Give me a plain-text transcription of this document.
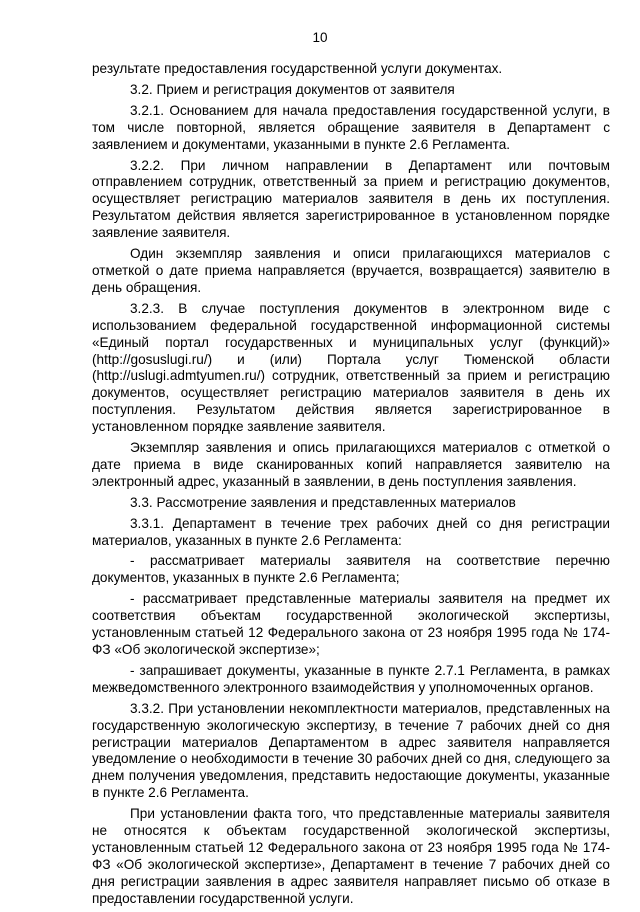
10

результате предоставления государственной услуги документах.

3.2. Прием и регистрация документов от заявителя

3.2.1. Основанием для начала предоставления государственной услуги, в том числе повторной, является обращение заявителя в Департамент с заявлением и документами, указанными в пункте 2.6 Регламента.

3.2.2. При личном направлении в Департамент или почтовым отправлением сотрудник, ответственный за прием и регистрацию документов, осуществляет регистрацию материалов заявителя в день их поступления. Результатом действия является зарегистрированное в установленном порядке заявление заявителя.

Один экземпляр заявления и описи прилагающихся материалов с отметкой о дате приема направляется (вручается, возвращается) заявителю в день обращения.

3.2.3. В случае поступления документов в электронном виде с использованием федеральной государственной информационной системы «Единый портал государственных и муниципальных услуг (функций)» (http://gosuslugi.ru/) и (или) Портала услуг Тюменской области (http://uslugi.admtyumen.ru/) сотрудник, ответственный за прием и регистрацию документов, осуществляет регистрацию материалов заявителя в день их поступления. Результатом действия является зарегистрированное в установленном порядке заявление заявителя.

Экземпляр заявления и опись прилагающихся материалов с отметкой о дате приема в виде сканированных копий направляется заявителю на электронный адрес, указанный в заявлении, в день поступления заявления.

3.3. Рассмотрение заявления и представленных материалов

3.3.1. Департамент в течение трех рабочих дней со дня регистрации материалов, указанных в пункте 2.6 Регламента:

- рассматривает материалы заявителя на соответствие перечню документов, указанных в пункте 2.6 Регламента;

- рассматривает представленные материалы заявителя на предмет их соответствия объектам государственной экологической экспертизы, установленным статьей 12 Федерального закона от 23 ноября 1995 года № 174-ФЗ «Об экологической экспертизе»;

- запрашивает документы, указанные в пункте 2.7.1 Регламента, в рамках межведомственного электронного взаимодействия у уполномоченных органов.

3.3.2. При установлении некомплектности материалов, представленных на государственную экологическую экспертизу, в течение 7 рабочих дней со дня регистрации материалов Департаментом в адрес заявителя направляется уведомление о необходимости в течение 30 рабочих дней со дня, следующего за днем получения уведомления, представить недостающие документы, указанные в пункте 2.6 Регламента.

При установлении факта того, что представленные материалы заявителя не относятся к объектам государственной экологической экспертизы, установленным статьей 12 Федерального закона от 23 ноября 1995 года № 174-ФЗ «Об экологической экспертизе», Департамент в течение 7 рабочих дней со дня регистрации заявления в адрес заявителя направляет письмо об отказе в предоставлении государственной услуги.
